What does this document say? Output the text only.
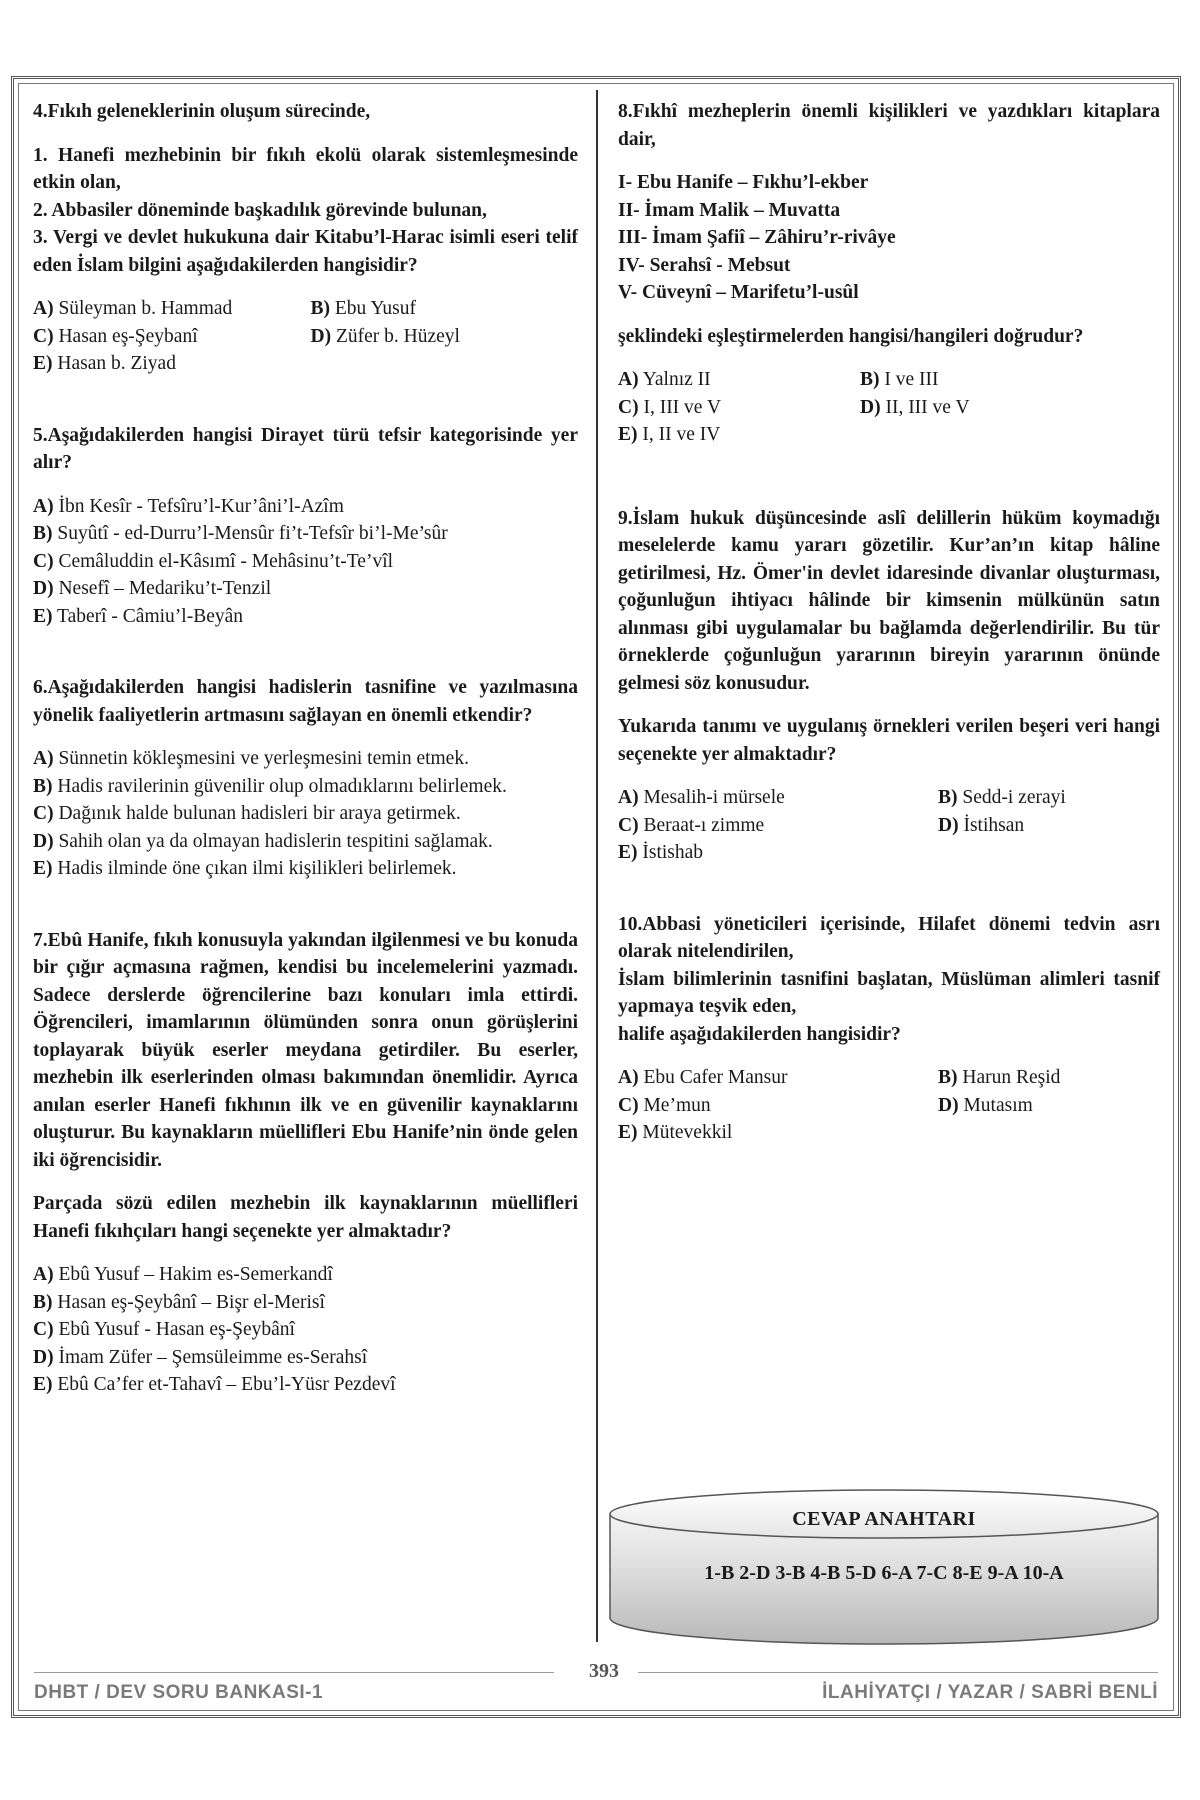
4.Fıkıh geleneklerinin oluşum sürecinde,

1. Hanefi mezhebinin bir fıkıh ekolü olarak sistemleşmesinde etkin olan,

2. Abbasiler döneminde başkadılık görevinde bulunan,

3. Vergi ve devlet hukukuna dair Kitabu’l-Harac isimli eseri telif eden İslam bilgini aşağıdakilerden hangisidir?

A) Süleyman b. Hammad	B) Ebu Yusuf
C) Hasan eş-Şeybanî	D) Züfer b. Hüzeyl
E) Hasan b. Ziyad

5.Aşağıdakilerden hangisi Dirayet türü tefsir kategorisinde yer alır?

A) İbn Kesîr - Tefsîru’l-Kur’âni’l-Azîm
B) Suyûtî - ed-Durru’l-Mensûr fi’t-Tefsîr bi’l-Me’sûr
C) Cemâluddin el-Kâsımî - Mehâsinu’t-Te’vîl
D) Nesefî – Medariku’t-Tenzil
E) Taberî - Câmiu’l-Beyân

6.Aşağıdakilerden hangisi hadislerin tasnifine ve yazılmasına yönelik faaliyetlerin artmasını sağlayan en önemli etkendir?

A) Sünnetin kökleşmesini ve yerleşmesini temin etmek.
B) Hadis ravilerinin güvenilir olup olmadıklarını belirlemek.
C) Dağınık halde bulunan hadisleri bir araya getirmek.
D) Sahih olan ya da olmayan hadislerin tespitini sağlamak.
E) Hadis ilminde öne çıkan ilmi kişilikleri belirlemek.

7.Ebû Hanife, fıkıh konusuyla yakından ilgilenmesi ve bu konuda bir çığır açmasına rağmen, kendisi bu incelemelerini yazmadı. Sadece derslerde öğrencilerine bazı konuları imla ettirdi. Öğrencileri, imamlarının ölümünden sonra onun görüşlerini toplayarak büyük eserler meydana getirdiler. Bu eserler, mezhebin ilk eserlerinden olması bakımından önemlidir. Ayrıca anılan eserler Hanefi fıkhının ilk ve en güvenilir kaynaklarını oluşturur. Bu kaynakların müellifleri Ebu Hanife’nin önde gelen iki öğrencisidir.

Parçada sözü edilen mezhebin ilk kaynaklarının müellifleri Hanefi fıkıhçıları hangi seçenekte yer almaktadır?

A) Ebû Yusuf – Hakim es-Semerkandî
B) Hasan eş-Şeybânî – Bişr el-Merisî
C) Ebû Yusuf - Hasan eş-Şeybânî
D) İmam Züfer – Şemsüleimme es-Serahsî
E) Ebû Ca’fer et-Tahavî – Ebu’l-Yüsr Pezdevî

8.Fıkhî mezheplerin önemli kişilikleri ve yazdıkları kitaplara dair,

I- Ebu Hanife – Fıkhu’l-ekber

II- İmam Malik – Muvatta

III- İmam Şafiî – Zâhiru’r-rivâye

IV- Serahsî - Mebsut

V- Cüveynî – Marifetu’l-usûl

şeklindeki eşleştirmelerden hangisi/hangileri doğrudur?

A) Yalnız II	B) I ve III
C) I, III ve V	D) II, III ve V
E) I, II ve IV

9.İslam hukuk düşüncesinde aslî delillerin hüküm koymadığı meselelerde kamu yararı gözetilir. Kur’an’ın kitap hâline getirilmesi, Hz. Ömer'in devlet idaresinde divanlar oluşturması, çoğunluğun ihtiyacı hâlinde bir kimsenin mülkünün satın alınması gibi uygulamalar bu bağlamda değerlendirilir. Bu tür örneklerde çoğunluğun yararının bireyin yararının önünde gelmesi söz konusudur.

Yukarıda tanımı ve uygulanış örnekleri verilen beşeri veri hangi seçenekte yer almaktadır?

A) Mesalih-i mürsele	B) Sedd-i zerayi
C) Beraat-ı zimme	D) İstihsan
E) İstishab

10.Abbasi yöneticileri içerisinde, Hilafet dönemi tedvin asrı olarak nitelendirilen,

İslam bilimlerinin tasnifini başlatan, Müslüman alimleri tasnif yapmaya teşvik eden,

halife aşağıdakilerden hangisidir?

A) Ebu Cafer Mansur	B) Harun Reşid
C) Me’mun	D) Mutasım
E) Mütevekkil
CEVAP ANAHTARI
1-B 2-D 3-B 4-B 5-D 6-A 7-C 8-E 9-A 10-A
DHBT / DEV SORU BANKASI-1
393
İLAHİYATÇI / YAZAR / SABRİ BENLİ
